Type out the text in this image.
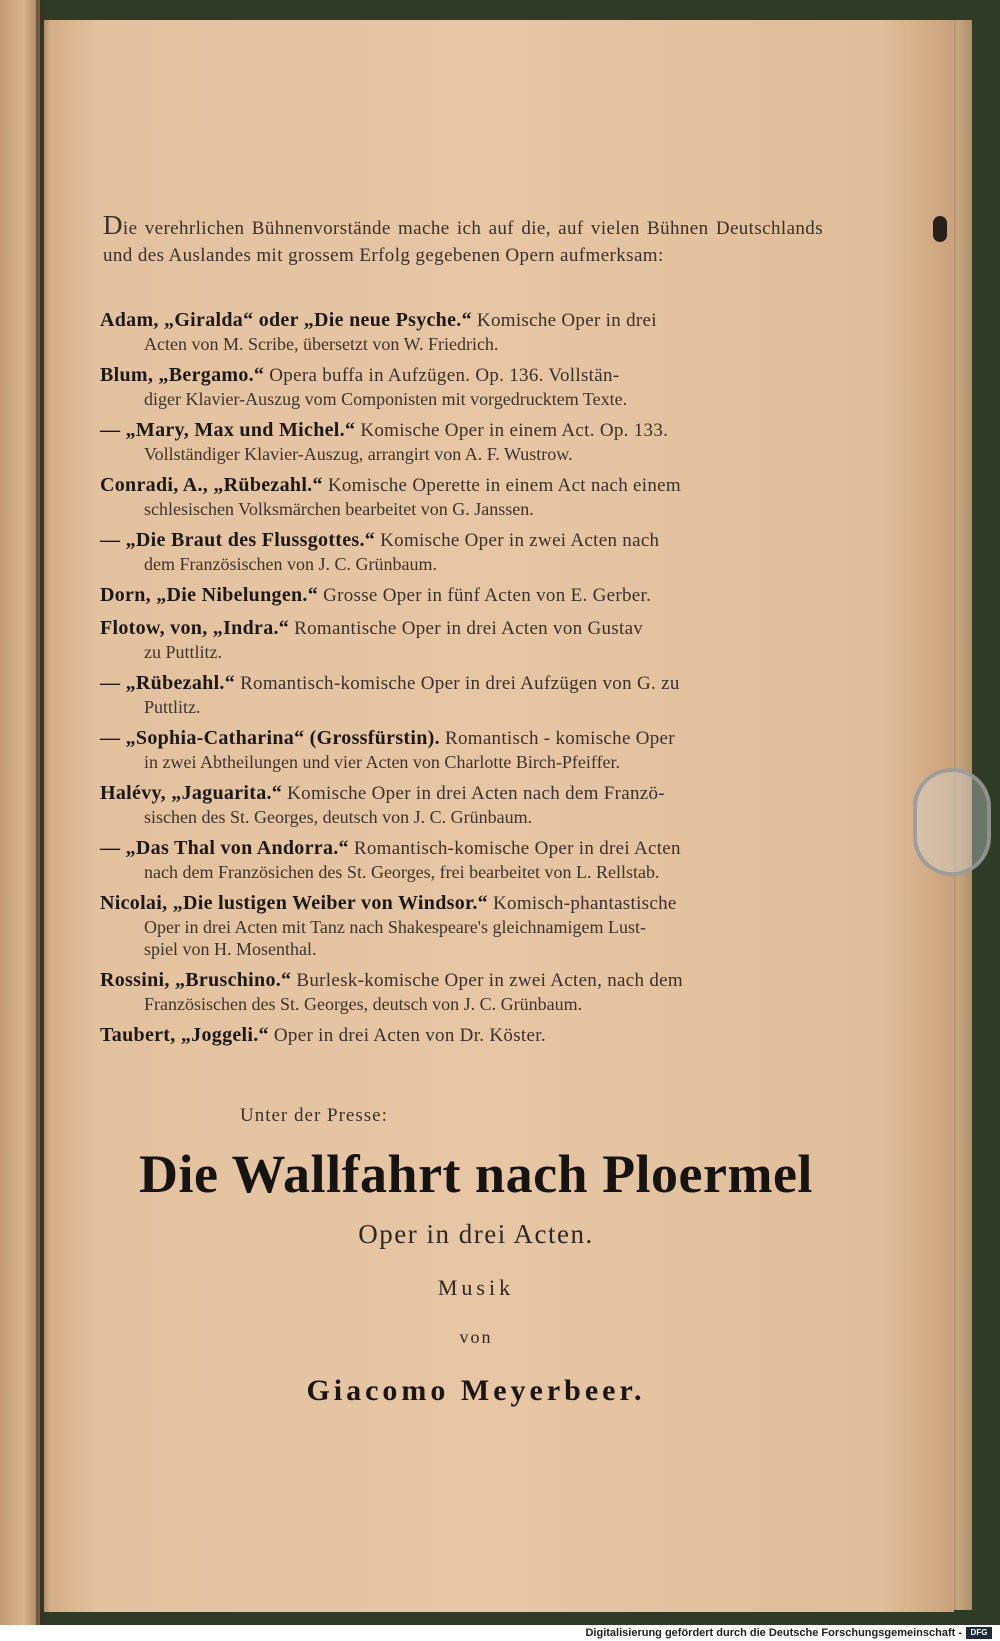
Die verehrlichen Bühnenvorstände mache ich auf die, auf vielen Bühnen Deutschlands und des Auslandes mit grossem Erfolg gegebenen Opern aufmerksam:
Adam, „Giralda“ oder „Die neue Psyche.“ Komische Oper in drei
Acten von M. Scribe, übersetzt von W. Friedrich.
Blum, „Bergamo.“ Opera buffa in Aufzügen. Op. 136. Vollstän-
diger Klavier-Auszug vom Componisten mit vorgedrucktem Texte.
— „Mary, Max und Michel.“ Komische Oper in einem Act. Op. 133.
Vollständiger Klavier-Auszug, arrangirt von A. F. Wustrow.
Conradi, A., „Rübezahl.“ Komische Operette in einem Act nach einem
schlesischen Volksmärchen bearbeitet von G. Janssen.
— „Die Braut des Flussgottes.“ Komische Oper in zwei Acten nach
dem Französischen von J. C. Grünbaum.
Dorn, „Die Nibelungen.“ Grosse Oper in fünf Acten von E. Gerber.
Flotow, von, „Indra.“ Romantische Oper in drei Acten von Gustav
zu Puttlitz.
— „Rübezahl.“ Romantisch-komische Oper in drei Aufzügen von G. zu
Puttlitz.
— „Sophia-Catharina“ (Grossfürstin). Romantisch - komische Oper
in zwei Abtheilungen und vier Acten von Charlotte Birch-Pfeiffer.
Halévy, „Jaguarita.“ Komische Oper in drei Acten nach dem Franzö-
sischen des St. Georges, deutsch von J. C. Grünbaum.
— „Das Thal von Andorra.“ Romantisch-komische Oper in drei Acten
nach dem Französichen des St. Georges, frei bearbeitet von L. Rellstab.
Nicolai, „Die lustigen Weiber von Windsor.“ Komisch-phantastische
Oper in drei Acten mit Tanz nach Shakespeare's gleichnamigem Lust-
spiel von H. Mosenthal.
Rossini, „Bruschino.“ Burlesk-komische Oper in zwei Acten, nach dem
Französischen des St. Georges, deutsch von J. C. Grünbaum.
Taubert, „Joggeli.“ Oper in drei Acten von Dr. Köster.
Unter der Presse:
Die Wallfahrt nach Ploermel
Oper in drei Acten.
Musik
von
Giacomo Meyerbeer.
Digitalisierung gefördert durch die Deutsche Forschungsgemeinschaft -	DFG
